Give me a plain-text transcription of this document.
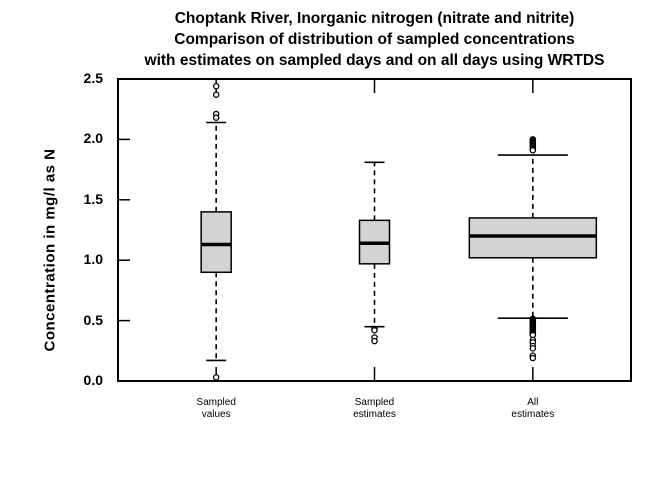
Choptank River, Inorganic nitrogen (nitrate and nitrite)
Comparison of distribution of sampled concentrations
with estimates on sampled days and on all days using WRTDS
Concentration in mg/l as N
0.0
0.5
1.0
1.5
2.0
2.5
Sampled
values
Sampled
estimates
All
estimates
